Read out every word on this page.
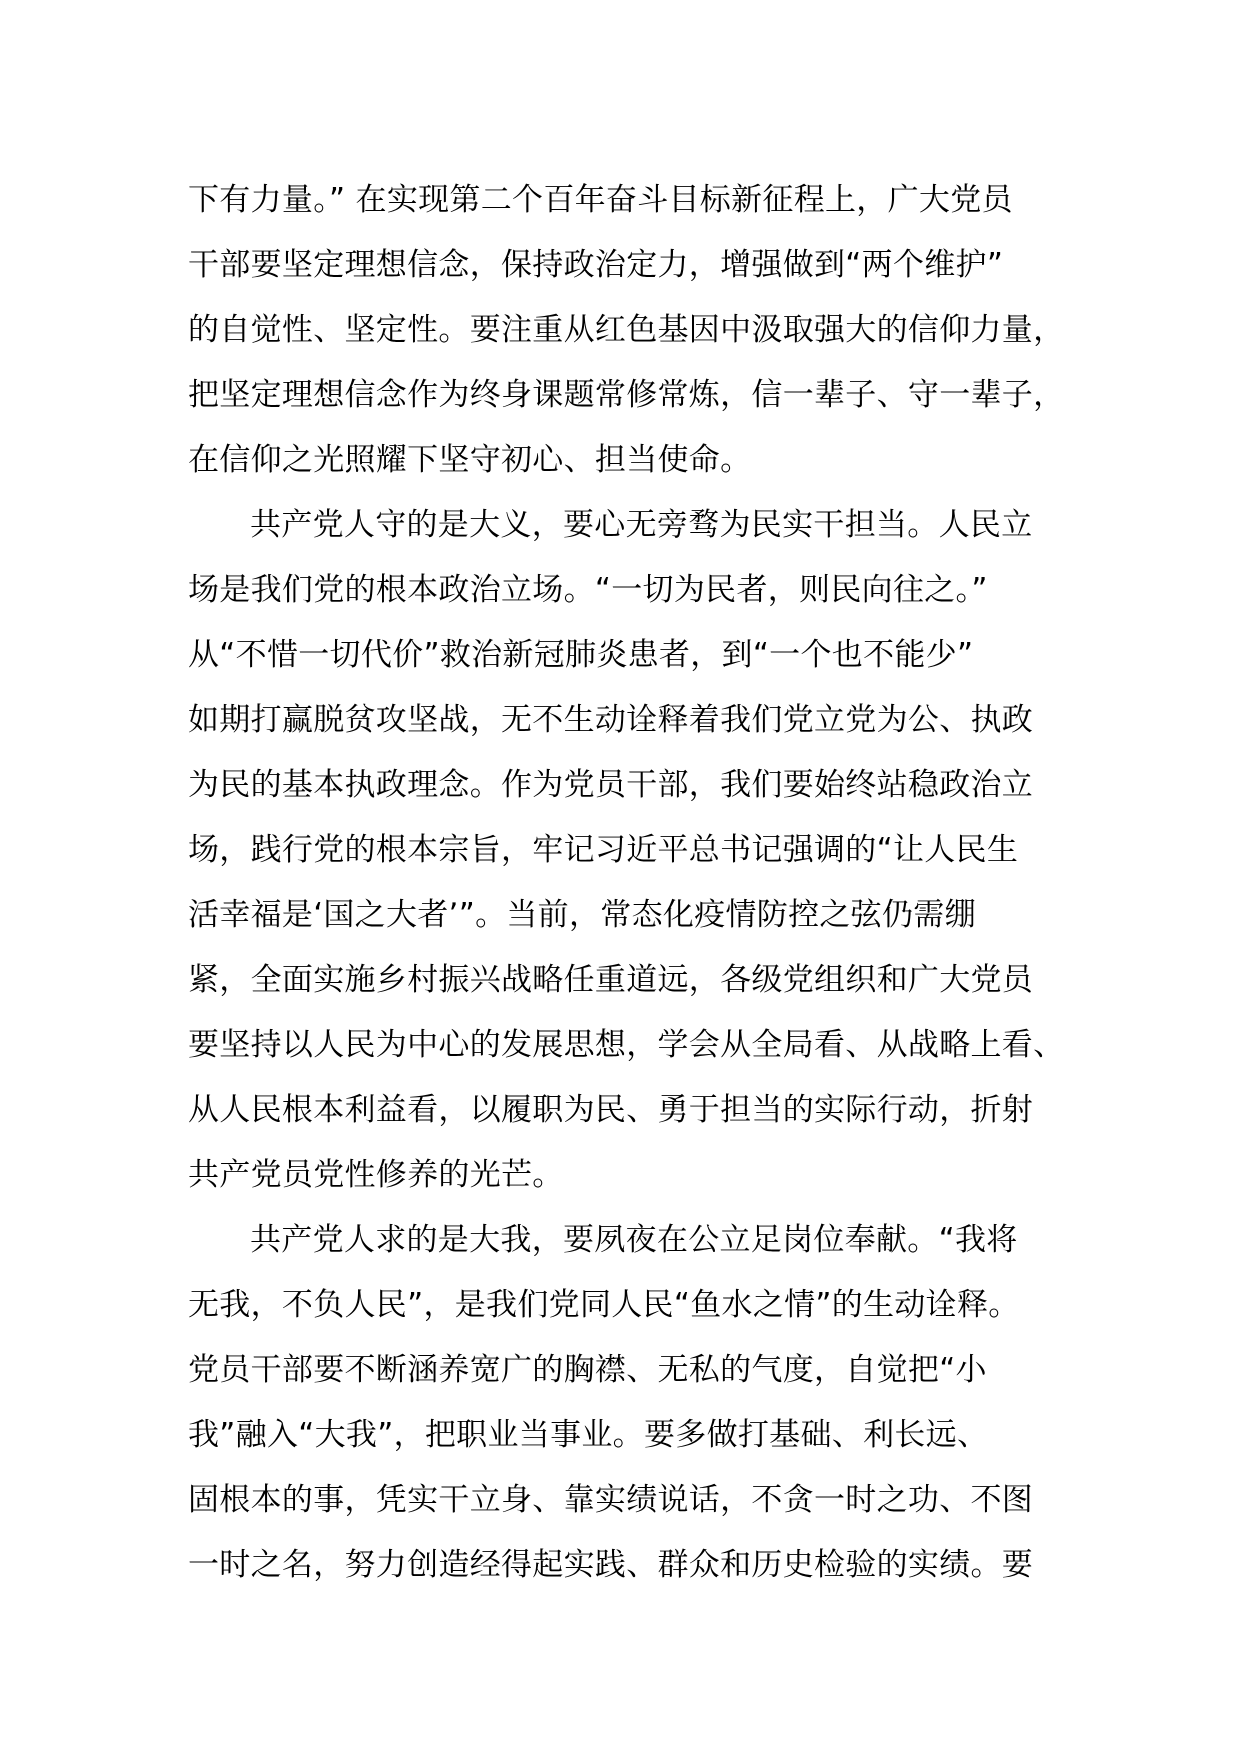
下有力量。” 在实现第二个百年奋斗目标新征程上，广大党员
干部要坚定理想信念，保持政治定力，增强做到“两个维护”
的自觉性、坚定性。要注重从红色基因中汲取强大的信仰力量，
把坚定理想信念作为终身课题常修常炼，信一辈子、守一辈子，
在信仰之光照耀下坚守初心、担当使命。
共产党人守的是大义，要心无旁骛为民实干担当。人民立
场是我们党的根本政治立场。“一切为民者，则民向往之。”
从“不惜一切代价”救治新冠肺炎患者，到“一个也不能少”
如期打赢脱贫攻坚战，无不生动诠释着我们党立党为公、执政
为民的基本执政理念。作为党员干部，我们要始终站稳政治立
场，践行党的根本宗旨，牢记习近平总书记强调的“让人民生
活幸福是‘国之大者’”。当前，常态化疫情防控之弦仍需绷
紧，全面实施乡村振兴战略任重道远，各级党组织和广大党员
要坚持以人民为中心的发展思想，学会从全局看、从战略上看、
从人民根本利益看，以履职为民、勇于担当的实际行动，折射
共产党员党性修养的光芒。
共产党人求的是大我，要夙夜在公立足岗位奉献。“我将
无我，不负人民”，是我们党同人民“鱼水之情”的生动诠释。
党员干部要不断涵养宽广的胸襟、无私的气度，自觉把“小
我”融入“大我”，把职业当事业。要多做打基础、利长远、
固根本的事，凭实干立身、靠实绩说话，不贪一时之功、不图
一时之名，努力创造经得起实践、群众和历史检验的实绩。要
